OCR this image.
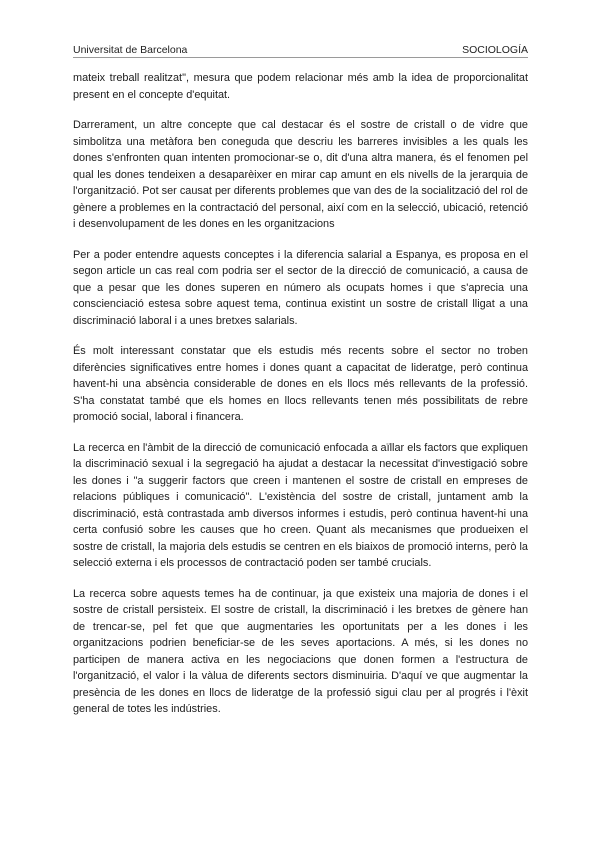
Universitat de Barcelona	SOCIOLOGÍA

mateix treball realitzat", mesura que podem relacionar més amb la idea de proporcionalitat present en el concepte d'equitat.

Darrerament, un altre concepte que cal destacar és el sostre de cristall o de vidre que simbolitza una metàfora ben coneguda que descriu les barreres invisibles a les quals les dones s'enfronten quan intenten promocionar-se o, dit d'una altra manera, és el fenomen pel qual les dones tendeixen a desaparèixer en mirar cap amunt en els nivells de la jerarquia de l'organització. Pot ser causat per diferents problemes que van des de la socialització del rol de gènere a problemes en la contractació del personal, així com en la selecció, ubicació, retenció i desenvolupament de les dones en les organitzacions

Per a poder entendre aquests conceptes i la diferencia salarial a Espanya, es proposa en el segon article un cas real com podria ser el sector de la direcció de comunicació, a causa de que a pesar que les dones superen en número als ocupats homes i que s'aprecia una conscienciació estesa sobre aquest tema, continua existint un sostre de cristall lligat a una discriminació laboral i a unes bretxes salarials.

És molt interessant constatar que els estudis més recents sobre el sector no troben diferències significatives entre homes i dones quant a capacitat de lideratge, però continua havent-hi una absència considerable de dones en els llocs més rellevants de la professió. S'ha constatat també que els homes en llocs rellevants tenen més possibilitats de rebre promoció social, laboral i financera.

La recerca en l'àmbit de la direcció de comunicació enfocada a aïllar els factors que expliquen la discriminació sexual i la segregació ha ajudat a destacar la necessitat d'investigació sobre les dones i "a suggerir factors que creen i mantenen el sostre de cristall en empreses de relacions públiques i comunicació". L'existència del sostre de cristall, juntament amb la discriminació, està contrastada amb diversos informes i estudis, però continua havent-hi una certa confusió sobre les causes que ho creen. Quant als mecanismes que produeixen el sostre de cristall, la majoria dels estudis se centren en els biaixos de promoció interns, però la selecció externa i els processos de contractació poden ser també crucials.

La recerca sobre aquests temes ha de continuar, ja que existeix una majoria de dones i el sostre de cristall persisteix. El sostre de cristall, la discriminació i les bretxes de gènere han de trencar-se, pel fet que que augmentaries les oportunitats per a les dones i les organitzacions podrien beneficiar-se de les seves aportacions. A més, si les dones no participen de manera activa en les negociacions que donen formen a l'estructura de l'organització, el valor i la vàlua de diferents sectors disminuiria. D'aquí ve que augmentar la presència de les dones en llocs de lideratge de la professió sigui clau per al progrés i l'èxit general de totes les indústries.
